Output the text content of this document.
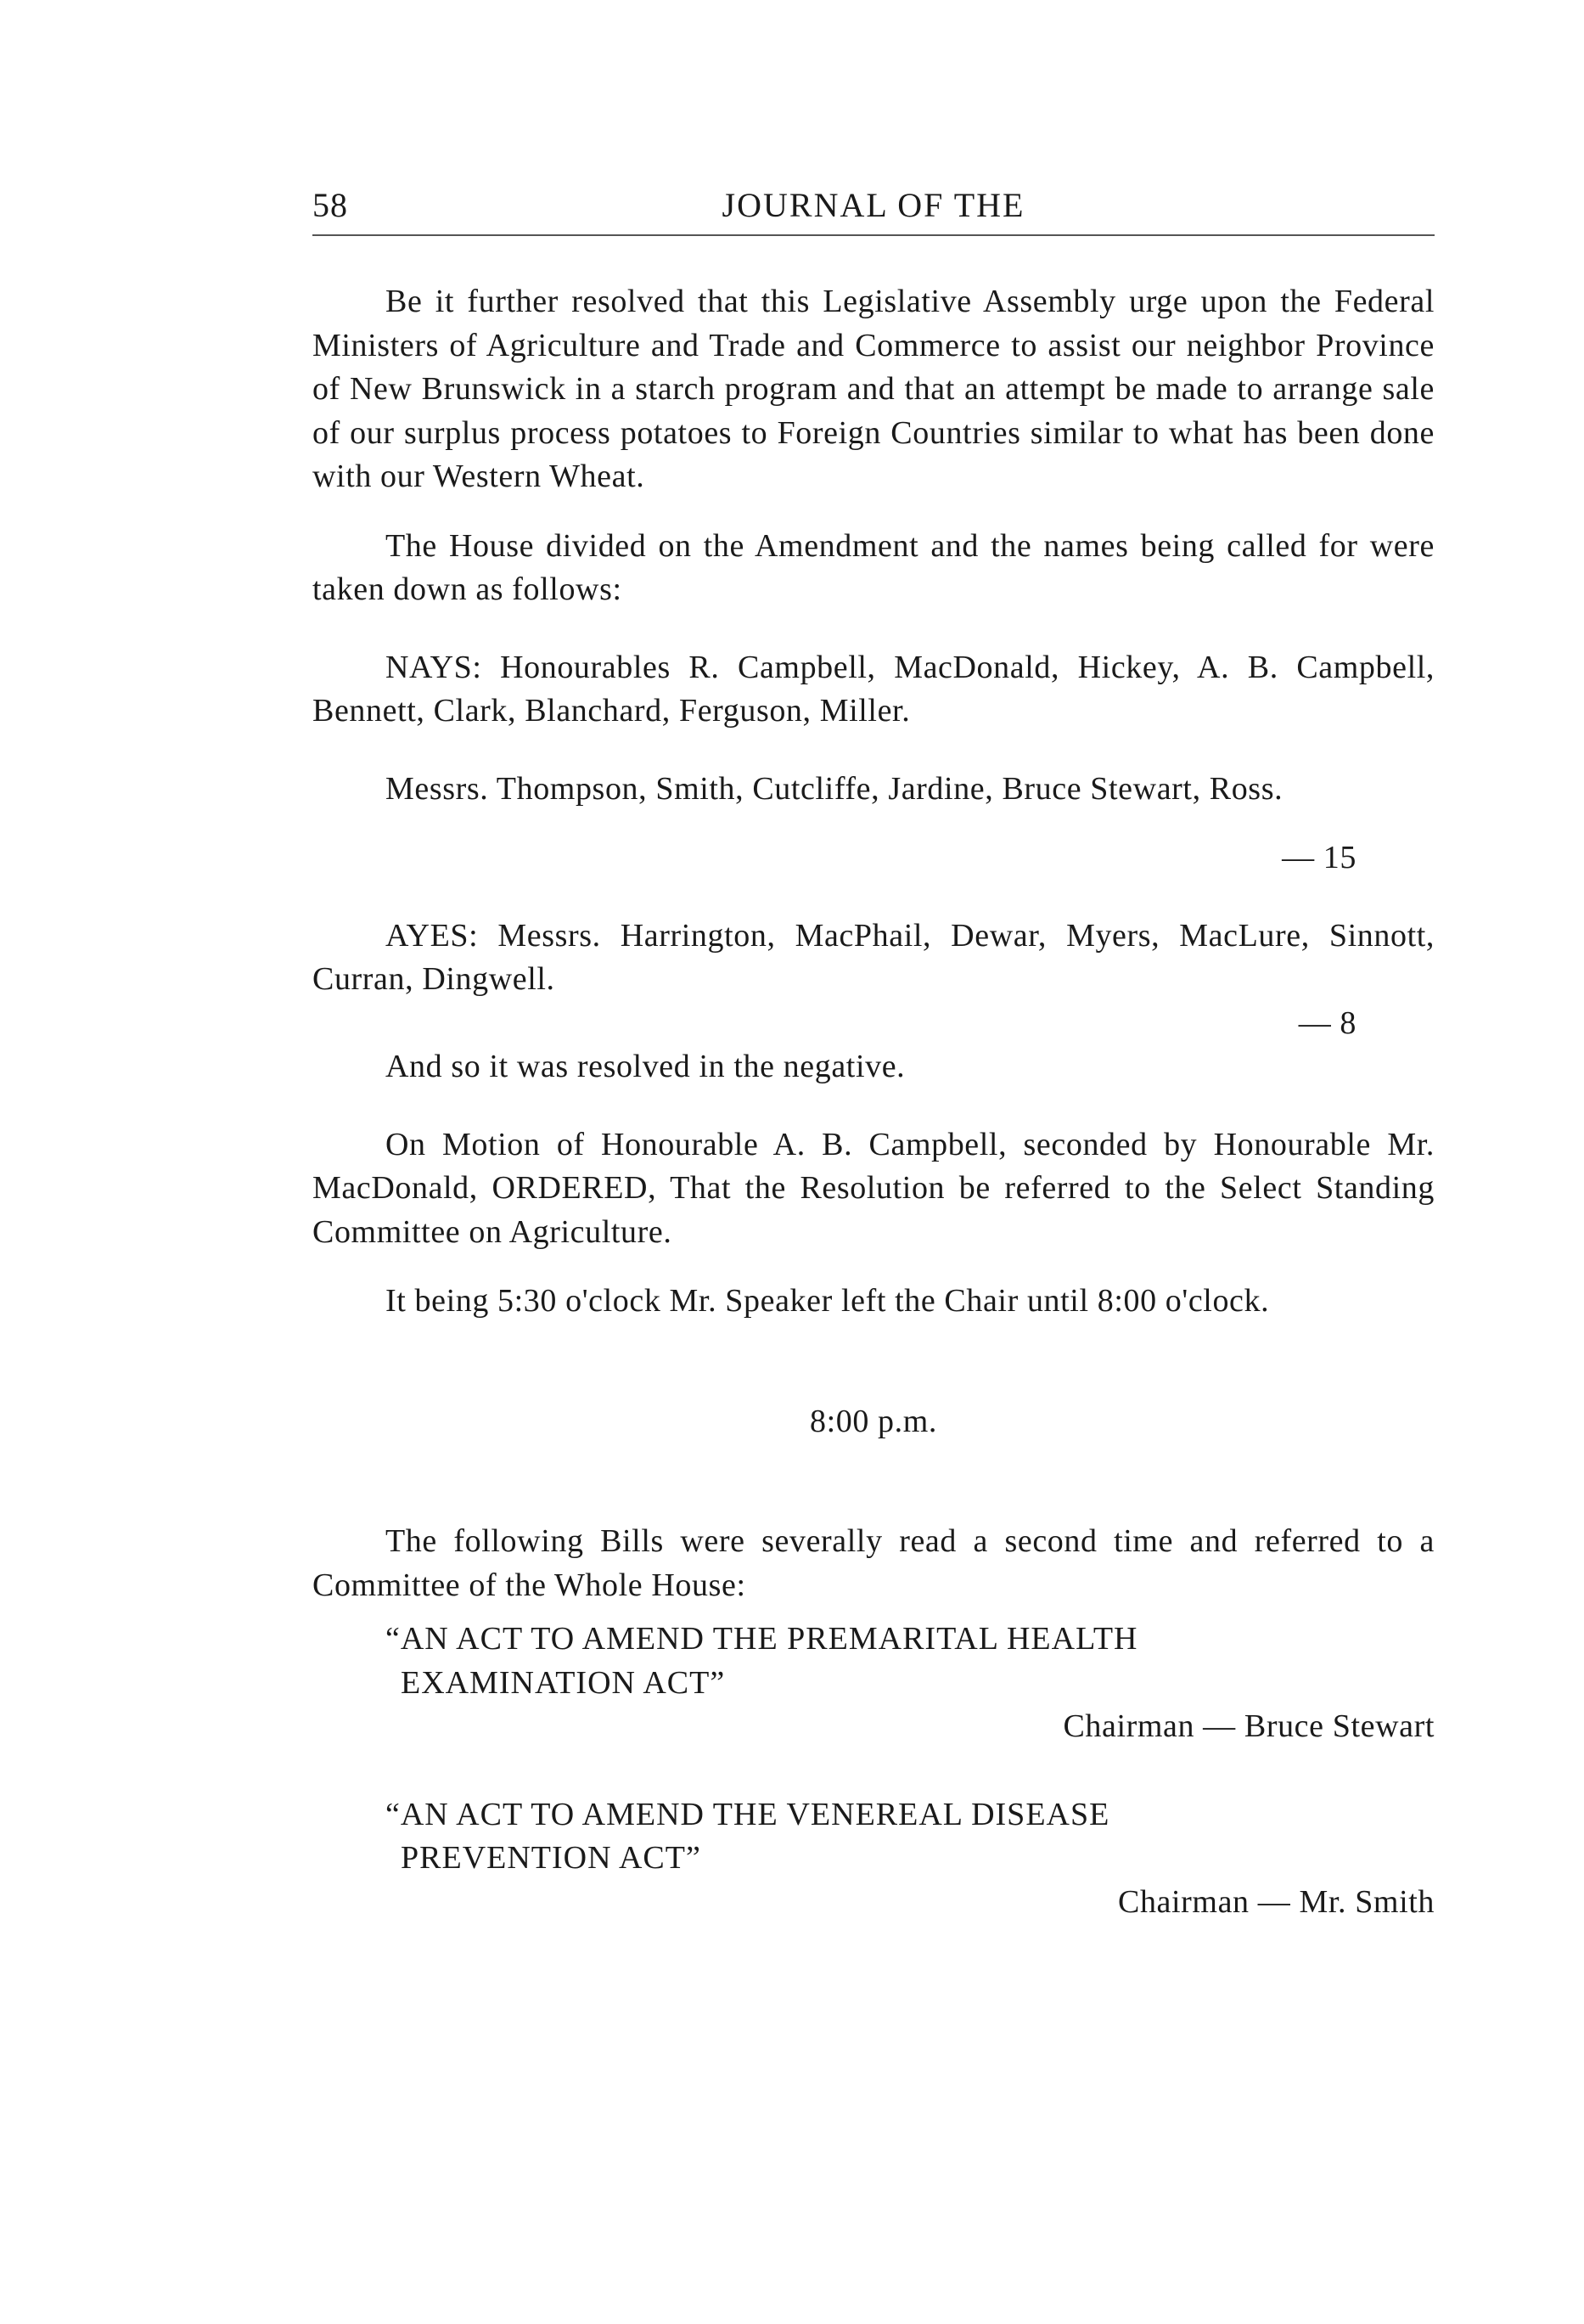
58	JOURNAL OF THE

Be it further resolved that this Legislative Assembly urge upon the Federal Ministers of Agriculture and Trade and Commerce to assist our neighbor Province of New Brunswick in a starch program and that an attempt be made to arrange sale of our surplus process potatoes to Foreign Countries similar to what has been done with our Western Wheat.

The House divided on the Amendment and the names being called for were taken down as follows:

NAYS: Honourables R. Campbell, MacDonald, Hickey, A. B. Campbell, Bennett, Clark, Blanchard, Ferguson, Miller.

Messrs. Thompson, Smith, Cutcliffe, Jardine, Bruce Stewart, Ross.

— 15

AYES: Messrs. Harrington, MacPhail, Dewar, Myers, MacLure, Sinnott, Curran, Dingwell.

— 8

And so it was resolved in the negative.

On Motion of Honourable A. B. Campbell, seconded by Honourable Mr. MacDonald, ORDERED, That the Resolution be referred to the Select Standing Committee on Agriculture.

It being 5:30 o'clock Mr. Speaker left the Chair until 8:00 o'clock.

8:00 p.m.

The following Bills were severally read a second time and referred to a Committee of the Whole House:

“AN ACT TO AMEND THE PREMARITAL HEALTH
EXAMINATION ACT”
Chairman — Bruce Stewart
“AN ACT TO AMEND THE VENEREAL DISEASE
PREVENTION ACT”
Chairman — Mr. Smith
